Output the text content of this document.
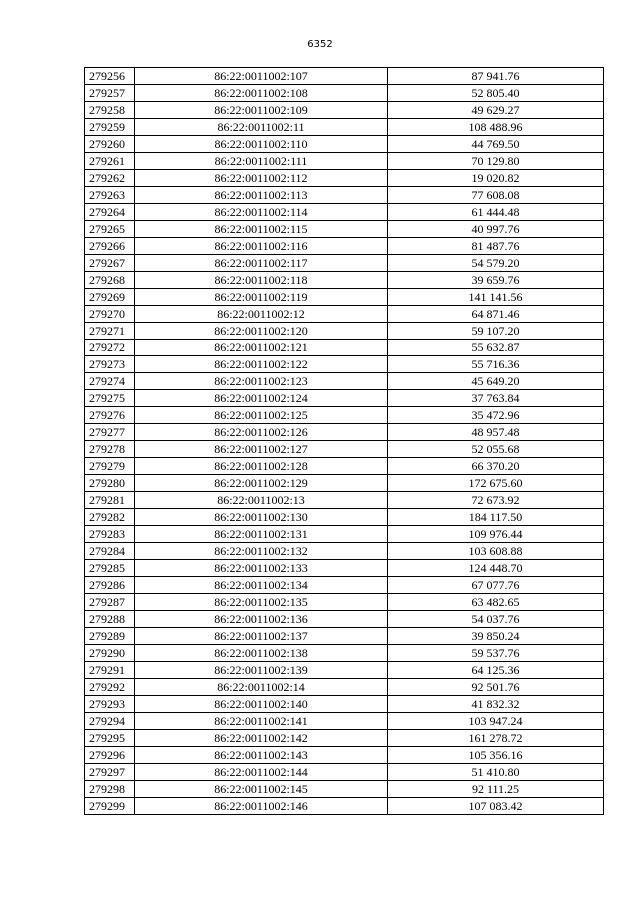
6352
279256	86:22:0011002:107	87 941.76
279257	86:22:0011002:108	52 805.40
279258	86:22:0011002:109	49 629.27
279259	86:22:0011002:11	108 488.96
279260	86:22:0011002:110	44 769.50
279261	86:22:0011002:111	70 129.80
279262	86:22:0011002:112	19 020.82
279263	86:22:0011002:113	77 608.08
279264	86:22:0011002:114	61 444.48
279265	86:22:0011002:115	40 997.76
279266	86:22:0011002:116	81 487.76
279267	86:22:0011002:117	54 579.20
279268	86:22:0011002:118	39 659.76
279269	86:22:0011002:119	141 141.56
279270	86:22:0011002:12	64 871.46
279271	86:22:0011002:120	59 107.20
279272	86:22:0011002:121	55 632.87
279273	86:22:0011002:122	55 716.36
279274	86:22:0011002:123	45 649.20
279275	86:22:0011002:124	37 763.84
279276	86:22:0011002:125	35 472.96
279277	86:22:0011002:126	48 957.48
279278	86:22:0011002:127	52 055.68
279279	86:22:0011002:128	66 370.20
279280	86:22:0011002:129	172 675.60
279281	86:22:0011002:13	72 673.92
279282	86:22:0011002:130	184 117.50
279283	86:22:0011002:131	109 976.44
279284	86:22:0011002:132	103 608.88
279285	86:22:0011002:133	124 448.70
279286	86:22:0011002:134	67 077.76
279287	86:22:0011002:135	63 482.65
279288	86:22:0011002:136	54 037.76
279289	86:22:0011002:137	39 850.24
279290	86:22:0011002:138	59 537.76
279291	86:22:0011002:139	64 125.36
279292	86:22:0011002:14	92 501.76
279293	86:22:0011002:140	41 832.32
279294	86:22:0011002:141	103 947.24
279295	86:22:0011002:142	161 278.72
279296	86:22:0011002:143	105 356.16
279297	86:22:0011002:144	51 410.80
279298	86:22:0011002:145	92 111.25
279299	86:22:0011002:146	107 083.42
